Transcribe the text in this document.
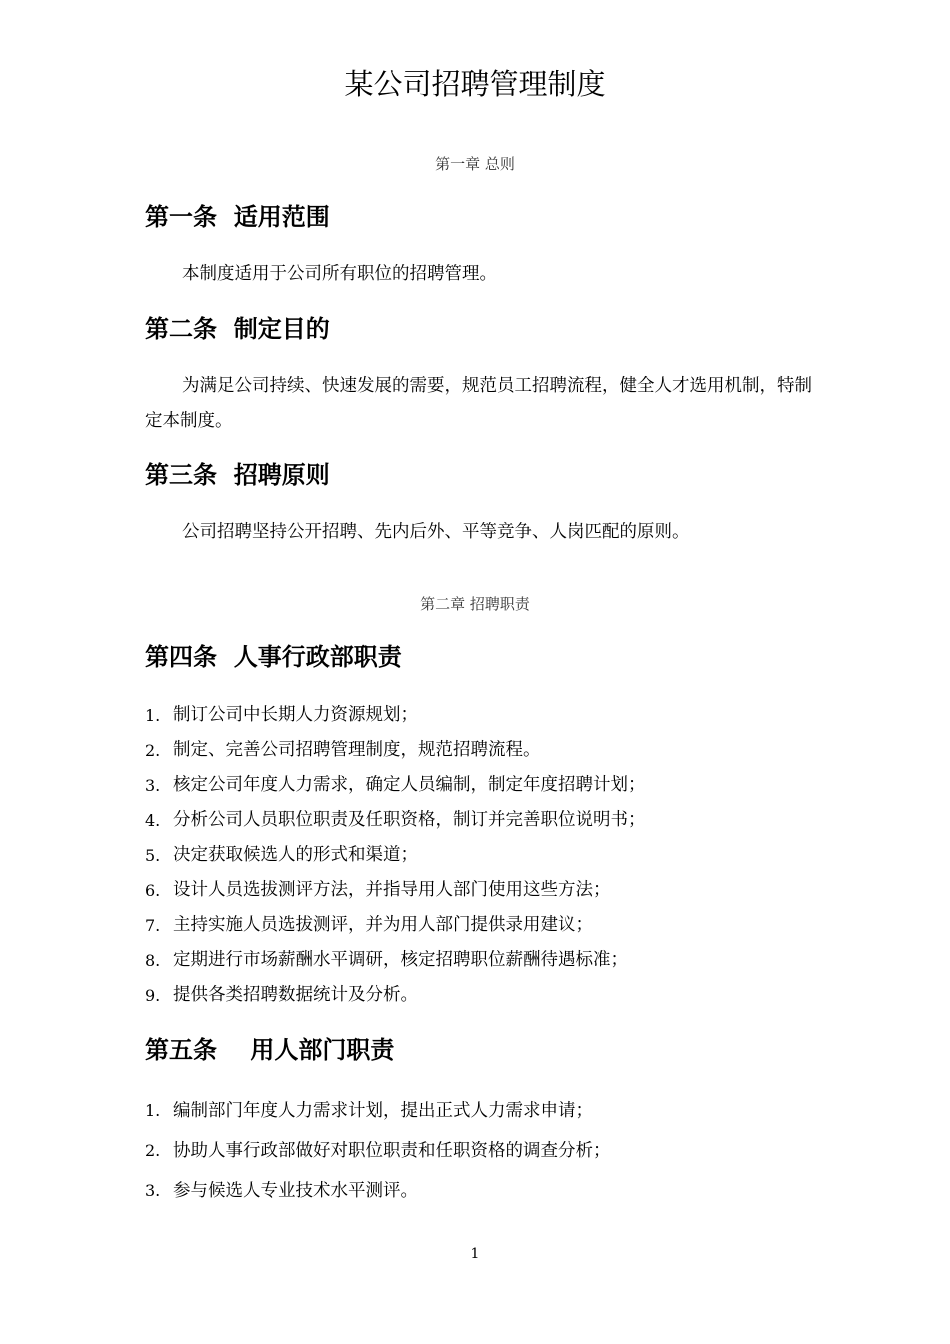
某公司招聘管理制度
第一章 总则
第一条  适用范围
本制度适用于公司所有职位的招聘管理。
第二条  制定目的
为满足公司持续、快速发展的需要，规范员工招聘流程，健全人才选用机制，特制定本制度。
第三条  招聘原则
公司招聘坚持公开招聘、先内后外、平等竞争、人岗匹配的原则。
第二章 招聘职责
第四条  人事行政部职责
1. 制订公司中长期人力资源规划；
2. 制定、完善公司招聘管理制度，规范招聘流程。
3. 核定公司年度人力需求，确定人员编制，制定年度招聘计划；
4. 分析公司人员职位职责及任职资格，制订并完善职位说明书；
5. 决定获取候选人的形式和渠道；
6. 设计人员选拔测评方法，并指导用人部门使用这些方法；
7. 主持实施人员选拔测评，并为用人部门提供录用建议；
8. 定期进行市场薪酬水平调研，核定招聘职位薪酬待遇标准；
9. 提供各类招聘数据统计及分析。
第五条    用人部门职责
1. 编制部门年度人力需求计划，提出正式人力需求申请；
2. 协助人事行政部做好对职位职责和任职资格的调查分析；
3. 参与候选人专业技术水平测评。
1
